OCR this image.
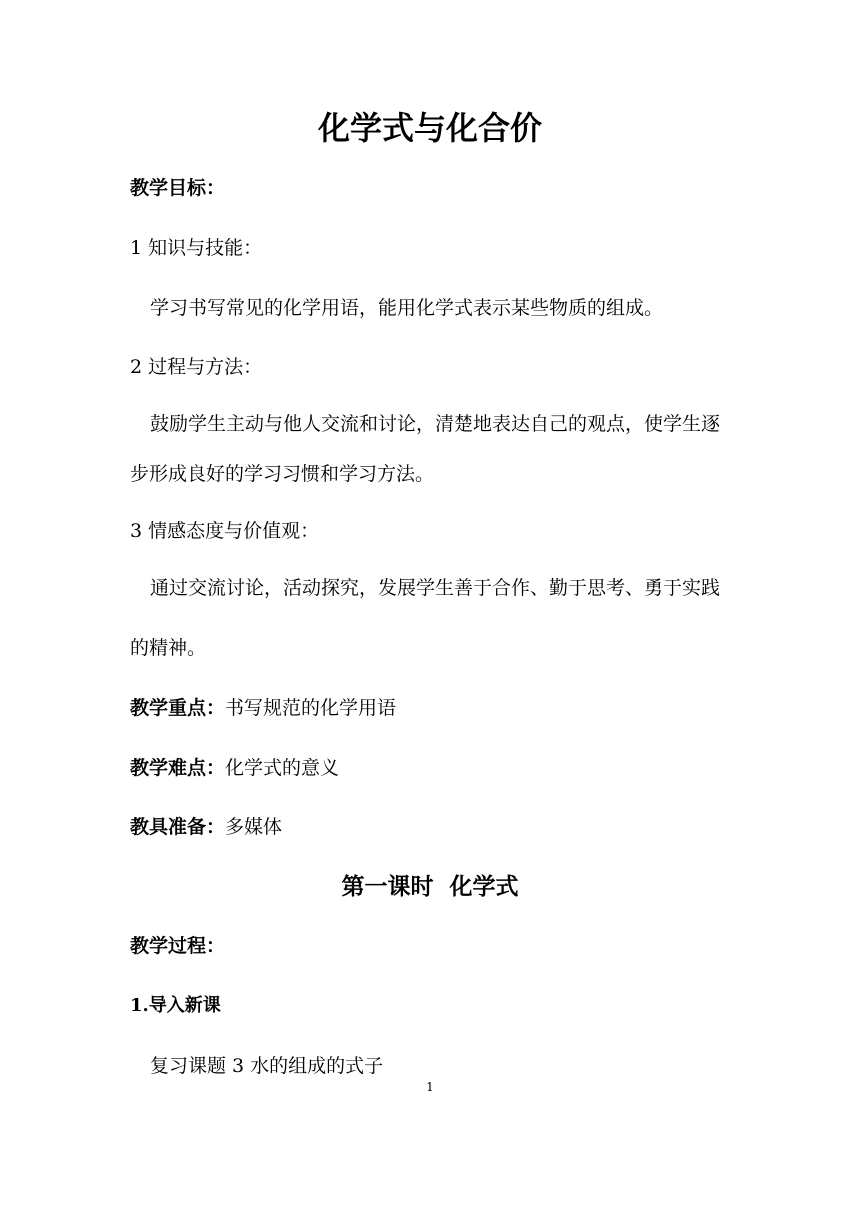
化学式与化合价
教学目标：
1 知识与技能：
学习书写常见的化学用语，能用化学式表示某些物质的组成。
2 过程与方法：
鼓励学生主动与他人交流和讨论，清楚地表达自己的观点，使学生逐步形成良好的学习习惯和学习方法。
3 情感态度与价值观：
通过交流讨论，活动探究，发展学生善于合作、勤于思考、勇于实践的精神。
教学重点：书写规范的化学用语
教学难点：化学式的意义
教具准备：多媒体
第一课时  化学式
教学过程：
1.导入新课
复习课题 3 水的组成的式子
1
